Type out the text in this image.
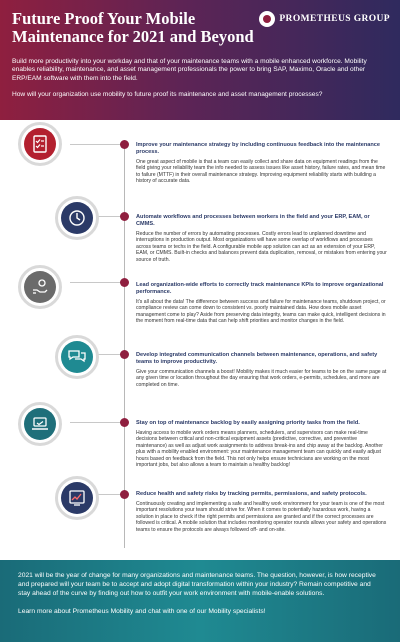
Future Proof Your Mobile Maintenance for 2021 and Beyond
PROMETHEUS GROUP
Build more productivity into your workday and that of your maintenance teams with a mobile enhanced workforce. Mobility enables reliability, maintenance, and asset management professionals the power to bring SAP, Maximo, Oracle and other ERP/EAM software with them into the field.
How will your organization use mobility to future proof its maintenance and asset management processes?
Improve your maintenance strategy by including continuous feedback into the maintenance process.
One great aspect of mobile is that a team can easily collect and share data on equipment readings from the field giving your reliability team the info needed to assess issues like asset history, failure rates, and mean time to failure (MTTF) in their overall maintenance strategy. Improving equipment reliability starts with building a history of accurate data.
Automate workflows and processes between workers in the field and your ERP, EAM, or CMMS.
Reduce the number of errors by automating processes. Costly errors lead to unplanned downtime and interruptions in production output. Most organizations will have some overlap of workflows and processes across teams or techs in the field. A configurable mobile app solution can act as an extension of your ERP, EAM, or CMMS. Built-in checks and balances prevent data duplication, removal, or mistakes from entering your source of truth.
Lead organization-wide efforts to correctly track maintenance KPIs to improve organizational performance.
It's all about the data! The difference between success and failure for maintenance teams, shutdown project, or compliance review can come down to consistent vs. poorly maintained data. How does mobile asset management come to play? Aside from preserving data integrity, teams can make quick, intelligent decisions in the moment from real-time data that can help shift priorities and monitor changes in the field.
Develop integrated communication channels between maintenance, operations, and safety teams to improve productivity.
Give your communication channels a boost! Mobility makes it much easier for teams to be on the same page at any given time or location throughout the day ensuring that work orders, e-permits, schedules, and more are completed on time.
Stay on top of maintenance backlog by easily assigning priority tasks from the field.
Having access to mobile work orders means planners, schedulers, and supervisors can make real-time decisions between critical and non-critical equipment assets (predictive, corrective, and preventive maintenance) as well as adjust work assignments to address break-ins and chip away at the backlog. Another plus with a mobility enabled environment: your maintenance management team can quickly and easily adjust hours based on feedback from the field. This not only helps ensure technicians are working on the most important jobs, but also allows a team to maintain a healthy backlog!
Reduce health and safety risks by tracking permits, permissions, and safety protocols.
Continuously creating and implementing a safe and healthy work environment for your team is one of the most important resolutions your team should strive for. When it comes to potentially hazardous work, having a solution in place to check if the right permits and permissions are granted and if the correct processes are followed is critical. A mobile solution that includes monitoring operator rounds allows your safety and operations teams to ensure the protocols are always followed off- and on-site.
2021 will be the year of change for many organizations and maintenance teams. The question, however, is how receptive and prepared will your team be to accept and adopt digital transformation within your industry? Remain competitive and stay ahead of the curve by finding out how to outfit your work environment with mobile-enable solutions.
Learn more about Prometheus Mobility and chat with one of our Mobility specialists!
